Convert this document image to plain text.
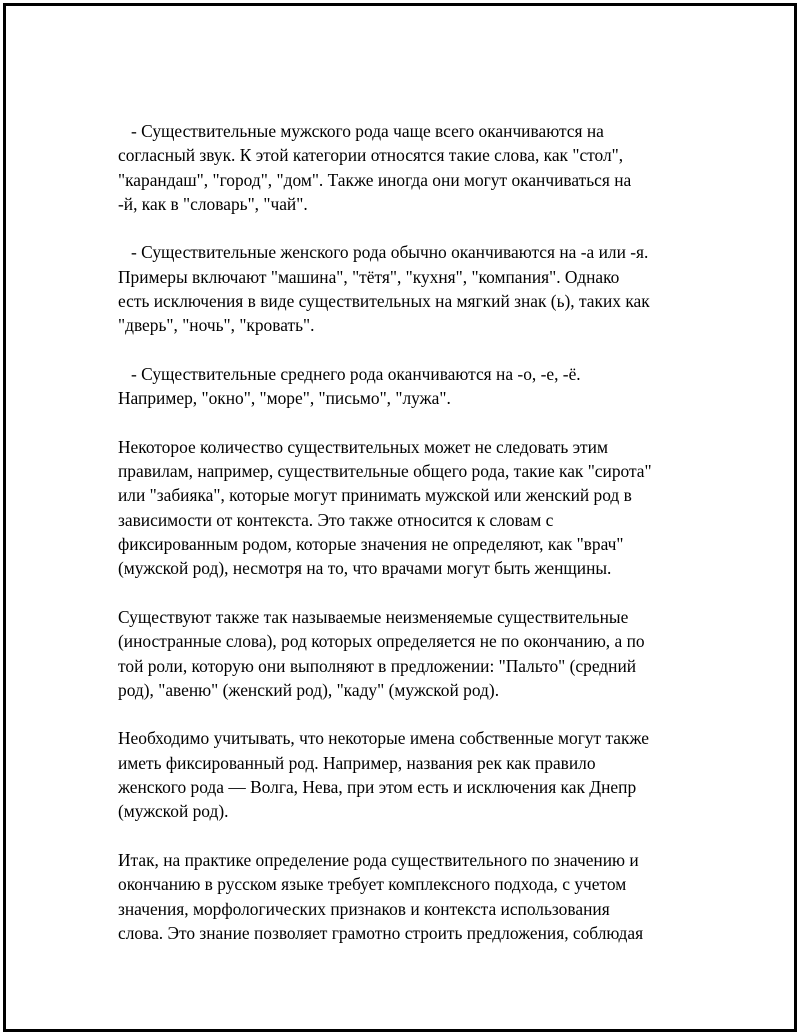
- Существительные мужского рода чаще всего оканчиваются на
согласный звук. К этой категории относятся такие слова, как "стол",
"карандаш", "город", "дом". Также иногда они могут оканчиваться на
-й, как в "словарь", "чай".
- Существительные женского рода обычно оканчиваются на -а или -я.
Примеры включают "машина", "тётя", "кухня", "компания". Однако
есть исключения в виде существительных на мягкий знак (ь), таких как
"дверь", "ночь", "кровать".
- Существительные среднего рода оканчиваются на -о, -е, -ё.
Например, "окно", "море", "письмо", "лужа".
Некоторое количество существительных может не следовать этим
правилам, например, существительные общего рода, такие как "сирота"
или "забияка", которые могут принимать мужской или женский род в
зависимости от контекста. Это также относится к словам с
фиксированным родом, которые значения не определяют, как "врач"
(мужской род), несмотря на то, что врачами могут быть женщины.
Существуют также так называемые неизменяемые существительные
(иностранные слова), род которых определяется не по окончанию, а по
той роли, которую они выполняют в предложении: "Пальто" (средний
род), "авеню" (женский род), "каду" (мужской род).
Необходимо учитывать, что некоторые имена собственные могут также
иметь фиксированный род. Например, названия рек как правило
женского рода — Волга, Нева, при этом есть и исключения как Днепр
(мужской род).
Итак, на практике определение рода существительного по значению и
окончанию в русском языке требует комплексного подхода, с учетом
значения, морфологических признаков и контекста использования
слова. Это знание позволяет грамотно строить предложения, соблюдая
